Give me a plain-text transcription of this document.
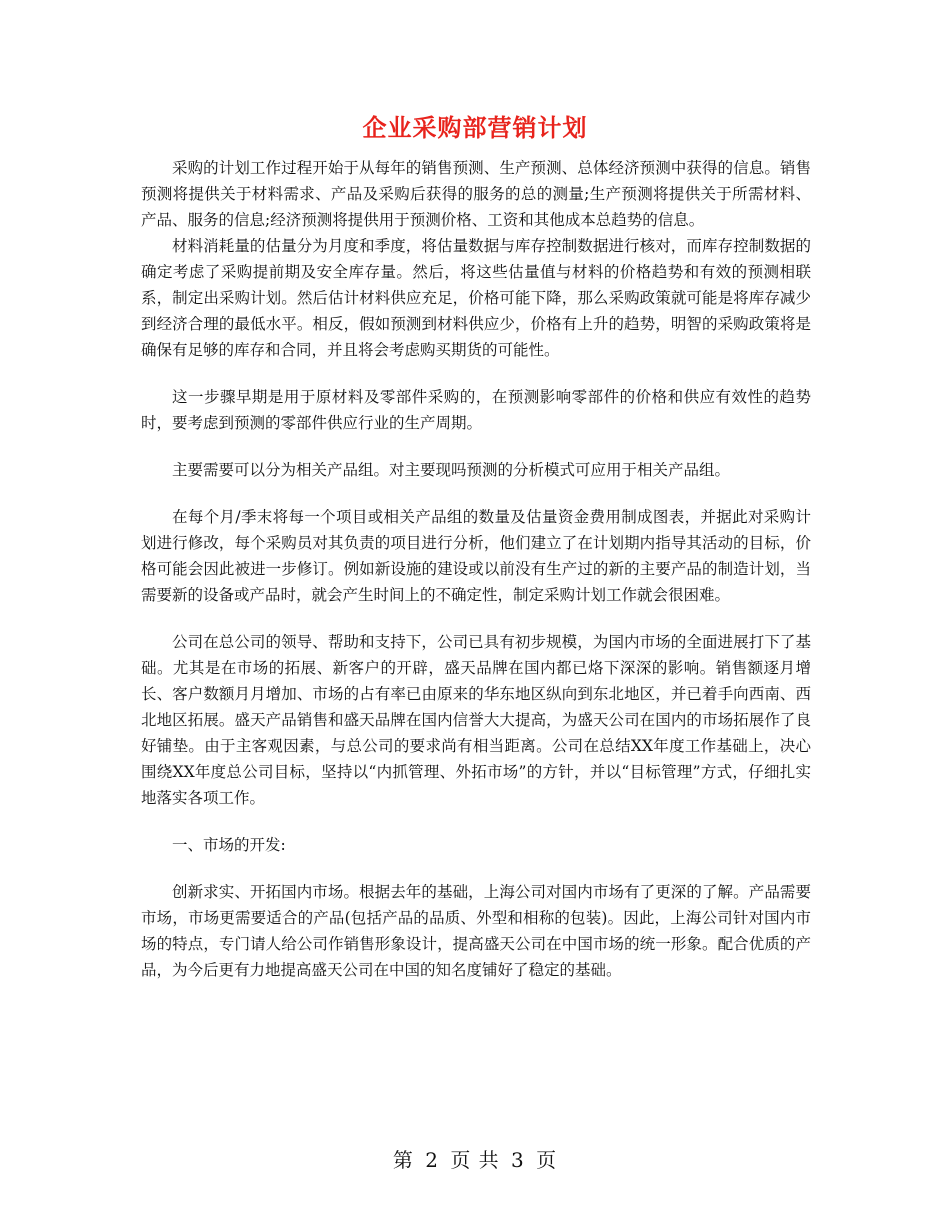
企业采购部营销计划

采购的计划工作过程开始于从每年的销售预测、生产预测、总体经济预测中获得的信息。销售预测将提供关于材料需求、产品及采购后获得的服务的总的测量;生产预测将提供关于所需材料、产品、服务的信息;经济预测将提供用于预测价格、工资和其他成本总趋势的信息。

材料消耗量的估量分为月度和季度，将估量数据与库存控制数据进行核对，而库存控制数据的确定考虑了采购提前期及安全库存量。然后，将这些估量值与材料的价格趋势和有效的预测相联系，制定出采购计划。然后估计材料供应充足，价格可能下降，那么采购政策就可能是将库存减少到经济合理的最低水平。相反，假如预测到材料供应少，价格有上升的趋势，明智的采购政策将是确保有足够的库存和合同，并且将会考虑购买期货的可能性。

这一步骤早期是用于原材料及零部件采购的，在预测影响零部件的价格和供应有效性的趋势时，要考虑到预测的零部件供应行业的生产周期。

主要需要可以分为相关产品组。对主要现吗预测的分析模式可应用于相关产品组。

在每个月/季末将每一个项目或相关产品组的数量及估量资金费用制成图表，并据此对采购计划进行修改，每个采购员对其负责的项目进行分析，他们建立了在计划期内指导其活动的目标，价格可能会因此被进一步修订。例如新设施的建设或以前没有生产过的新的主要产品的制造计划，当需要新的设备或产品时，就会产生时间上的不确定性，制定采购计划工作就会很困难。

公司在总公司的领导、帮助和支持下，公司已具有初步规模，为国内市场的全面进展打下了基础。尤其是在市场的拓展、新客户的开辟，盛天品牌在国内都已烙下深深的影响。销售额逐月增长、客户数额月月增加、市场的占有率已由原来的华东地区纵向到东北地区，并已着手向西南、西北地区拓展。盛天产品销售和盛天品牌在国内信誉大大提高，为盛天公司在国内的市场拓展作了良好铺垫。由于主客观因素，与总公司的要求尚有相当距离。公司在总结XX年度工作基础上，决心围绕XX年度总公司目标，坚持以“内抓管理、外拓市场”的方针，并以“目标管理”方式，仔细扎实地落实各项工作。

一、市场的开发:

创新求实、开拓国内市场。根据去年的基础，上海公司对国内市场有了更深的了解。产品需要市场，市场更需要适合的产品(包括产品的品质、外型和相称的包装)。因此，上海公司针对国内市场的特点，专门请人给公司作销售形象设计，提高盛天公司在中国市场的统一形象。配合优质的产品，为今后更有力地提高盛天公司在中国的知名度铺好了稳定的基础。

第 2 页 共 3 页
